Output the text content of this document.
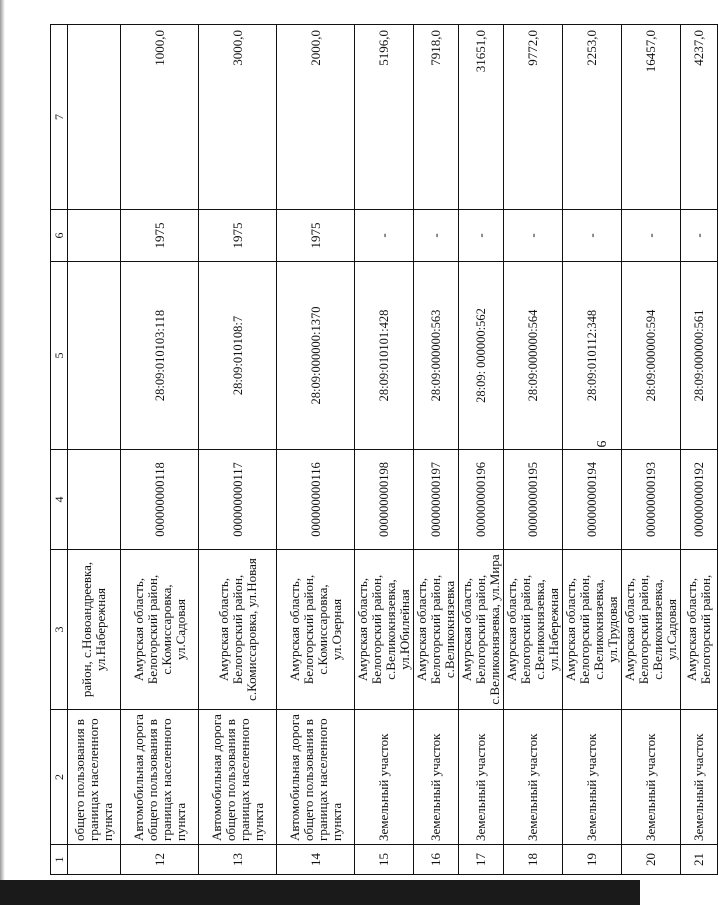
9
1	2	3	4	5	6	7
	общего пользования в границах населенного пункта	район, с.Новоандреевка, ул.Набережная				
12	Автомобильная дорога общего пользования в границах населенного пункта	Амурская область, Белогорский район, с.Комиссаровка, ул.Садовая	000000000118	28:09:010103:118	1975	1000,0
13	Автомобильная дорога общего пользования в границах населенного пункта	Амурская область, Белогорский район, с.Комиссаровка, ул.Новая	000000000117	28:09:010108:7	1975	3000,0
14	Автомобильная дорога общего пользования в границах населенного пункта	Амурская область, Белогорский район, с.Комиссаровка, ул.Озерная	000000000116	28:09:000000:1370	1975	2000,0
15	Земельный участок	Амурская область, Белогорский район, с.Великокнязевка, ул.Юбилейная	000000000198	28:09:010101:428	-	5196,0
16	Земельный участок	Амурская область, Белогорский район, с.Великокнязевка	000000000197	28:09:000000:563	-	7918,0
17	Земельный участок	Амурская область, Белогорский район, с.Великокнязевка, ул.Мира	000000000196	28:09: 000000:562	-	31651,0
18	Земельный участок	Амурская область, Белогорский район, с.Великокнязевка, ул.Набережная	000000000195	28:09:000000:564	-	9772,0
19	Земельный участок	Амурская область, Белогорский район, с.Великокнязевка, ул.Трудовая	000000000194	28:09:010112:348	-	2253,0
20	Земельный участок	Амурская область, Белогорский район, с.Великокнязевка, ул.Садовая	000000000193	28:09:000000:594	-	16457,0
21	Земельный участок	Амурская область, Белогорский район,	000000000192	28:09:000000:561	-	4237,0
